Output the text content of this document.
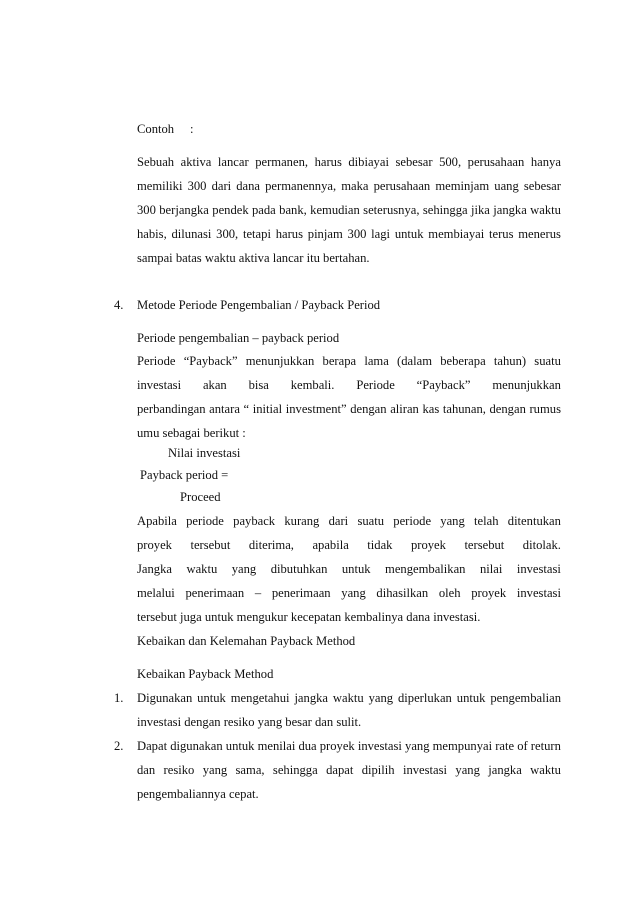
Contoh :
Sebuah aktiva lancar permanen, harus dibiayai sebesar 500, perusahaan hanya
memiliki 300 dari dana permanennya, maka perusahaan meminjam uang sebesar
300 berjangka pendek pada bank, kemudian seterusnya, sehingga jika jangka waktu
habis, dilunasi 300, tetapi harus pinjam 300 lagi untuk membiayai terus menerus
sampai batas waktu aktiva lancar itu bertahan.
4. Metode Periode Pengembalian / Payback Period
Periode pengembalian – payback period
Periode “Payback” menunjukkan berapa lama (dalam beberapa tahun) suatu
investasi akan bisa kembali. Periode “Payback” menunjukkan
perbandingan antara “ initial investment” dengan aliran kas tahunan, dengan rumus
umu sebagai berikut :
Nilai investasi
Payback period =
Proceed
Apabila periode payback kurang dari suatu periode yang telah ditentukan
proyek tersebut diterima, apabila tidak proyek tersebut ditolak.
Jangka waktu yang dibutuhkan untuk mengembalikan nilai investasi
melalui penerimaan – penerimaan yang dihasilkan oleh proyek investasi
tersebut juga untuk mengukur kecepatan kembalinya dana investasi.
Kebaikan dan Kelemahan Payback Method
Kebaikan Payback Method
1. Digunakan untuk mengetahui jangka waktu yang diperlukan untuk pengembalian
investasi dengan resiko yang besar dan sulit.
2. Dapat digunakan untuk menilai dua proyek investasi yang mempunyai rate of return
dan resiko yang sama, sehingga dapat dipilih investasi yang jangka waktu
pengembaliannya cepat.
